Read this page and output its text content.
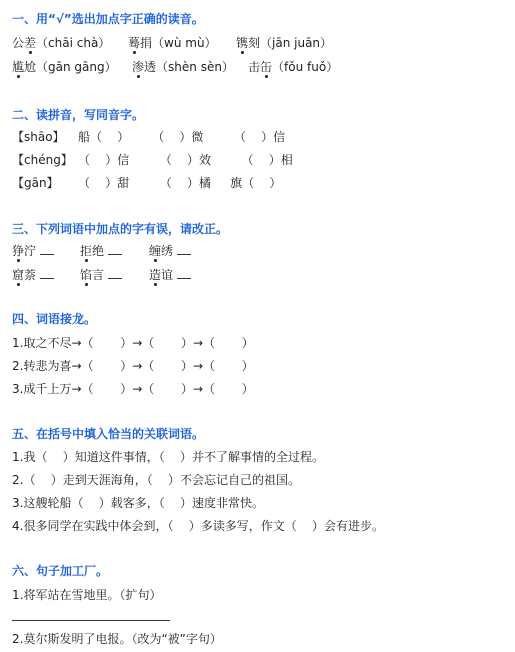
一、用“√”选出加点字正确的读音。
公差（chāi chà） 蓦捐（wù mù） 镌刻（jān juān）
尴尬（gān gāng） 渗透（shèn sèn） 击缶（fǒu fuǒ）
二、读拼音，写同音字。
【shāo】 船（    ）      （    ）微        （    ）信
【chéng】 （    ）信        （    ）效        （    ）相
【gān】 （    ）甜        （    ）橘     旗（    ）
三、下列词语中加点的字有误，请改正。
狰泞	拒绝	缠绣
窟萘	馅言	造谊
四、词语接龙。
1.取之不尽→（       ）→（       ）→（       ）
2.转悲为喜→（       ）→（       ）→（       ）
3.成千上万→（       ）→（       ）→（       ）
五、在括号中填入恰当的关联词语。
1.我（    ）知道这件事情，（    ）并不了解事情的全过程。
2.（    ）走到天涯海角，（    ）不会忘记自己的祖国。
3.这艘轮船（    ）载客多，（    ）速度非常快。
4.很多同学在实践中体会到，（    ）多读多写，作文（    ）会有进步。
六、句子加工厂。
1.将军站在雪地里。（扩句）
2.莫尔斯发明了电报。（改为“被”字句）
